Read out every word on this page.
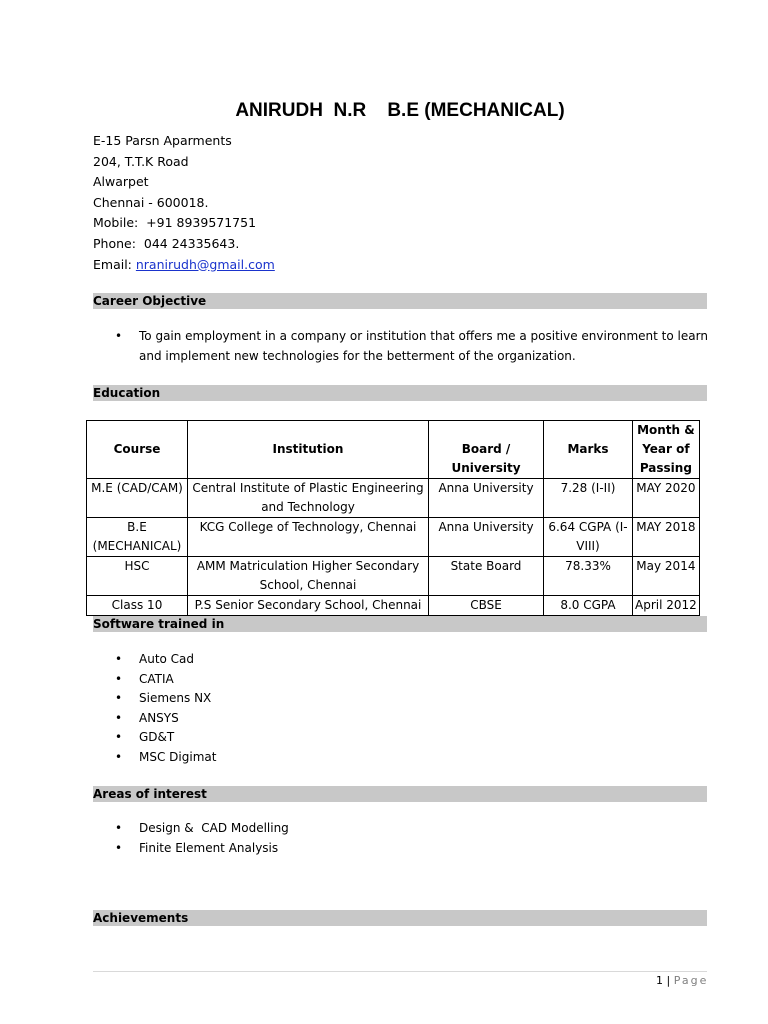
ANIRUDH  N.R    B.E (MECHANICAL)
E-15 Parsn Aparments
204, T.T.K Road
Alwarpet
Chennai - 600018.
Mobile:  +91 8939571751
Phone:  044 24335643.
Email: nranirudh@gmail.com
Career Objective
• To gain employment in a company or institution that offers me a positive environment to learn and implement new technologies for the betterment of the organization.
Education
Course	Institution	Board / University	Marks	Month & Year of Passing
M.E (CAD/CAM)	Central Institute of Plastic Engineering and Technology	Anna University	7.28 (I-II)	MAY 2020
B.E (MECHANICAL)	KCG College of Technology, Chennai	Anna University	6.64 CGPA (I-VIII)	MAY 2018
HSC	AMM Matriculation Higher Secondary School, Chennai	State Board	78.33%	May 2014
Class 10	P.S Senior Secondary School, Chennai	CBSE	8.0 CGPA	April 2012
Software trained in
• Auto Cad
• CATIA
• Siemens NX
• ANSYS
• GD&T
• MSC Digimat
Areas of interest
• Design &  CAD Modelling
• Finite Element Analysis
Achievements
1 | Page
